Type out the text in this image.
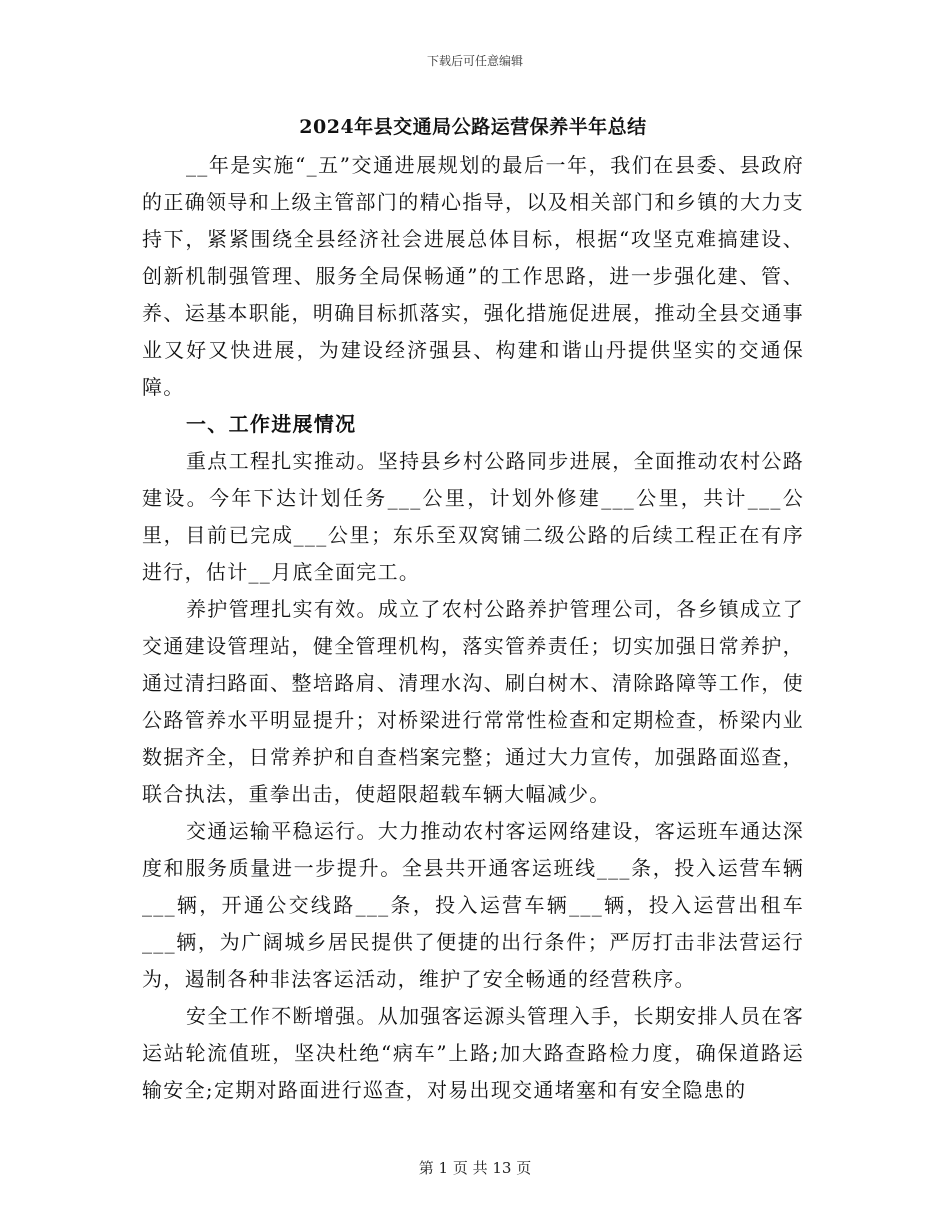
下载后可任意编辑
2024年县交通局公路运营保养半年总结

__年是实施“_五”交通进展规划的最后一年，我们在县委、县政府的正确领导和上级主管部门的精心指导，以及相关部门和乡镇的大力支持下，紧紧围绕全县经济社会进展总体目标，根据“攻坚克难搞建设、创新机制强管理、服务全局保畅通”的工作思路，进一步强化建、管、养、运基本职能，明确目标抓落实，强化措施促进展，推动全县交通事业又好又快进展，为建设经济强县、构建和谐山丹提供坚实的交通保障。

一、工作进展情况

重点工程扎实推动。坚持县乡村公路同步进展，全面推动农村公路建设。今年下达计划任务___公里，计划外修建___公里，共计___公里，目前已完成___公里；东乐至双窝铺二级公路的后续工程正在有序进行，估计__月底全面完工。

养护管理扎实有效。成立了农村公路养护管理公司，各乡镇成立了交通建设管理站，健全管理机构，落实管养责任；切实加强日常养护，通过清扫路面、整培路肩、清理水沟、刷白树木、清除路障等工作，使公路管养水平明显提升；对桥梁进行常常性检查和定期检查，桥梁内业数据齐全，日常养护和自查档案完整；通过大力宣传，加强路面巡查，联合执法，重拳出击，使超限超载车辆大幅减少。

交通运输平稳运行。大力推动农村客运网络建设，客运班车通达深度和服务质量进一步提升。全县共开通客运班线___条，投入运营车辆___辆，开通公交线路___条，投入运营车辆___辆，投入运营出租车___辆，为广阔城乡居民提供了便捷的出行条件；严厉打击非法营运行为，遏制各种非法客运活动，维护了安全畅通的经营秩序。

安全工作不断增强。从加强客运源头管理入手，长期安排人员在客运站轮流值班，坚决杜绝“病车”上路;加大路查路检力度，确保道路运输安全;定期对路面进行巡查，对易出现交通堵塞和有安全隐患的

第 1 页 共 13 页
